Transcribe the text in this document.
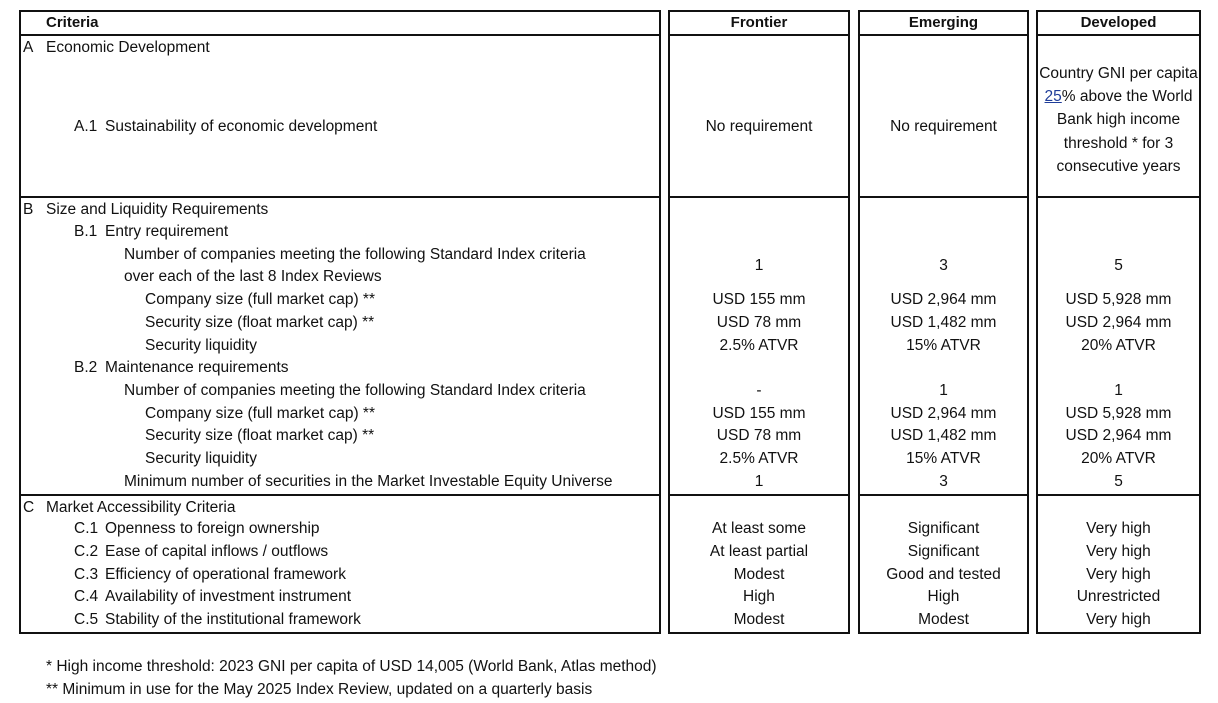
Criteria
A Economic Development
A.1 Sustainability of economic development
B Size and Liquidity Requirements
B.1 Entry requirement
Number of companies meeting the following Standard Index criteria
over each of the last 8 Index Reviews
Company size (full market cap) **
Security size (float market cap) **
Security liquidity
B.2 Maintenance requirements
Number of companies meeting the following Standard Index criteria
Company size (full market cap) **
Security size (float market cap) **
Security liquidity
Minimum number of securities in the Market Investable Equity Universe
C Market Accessibility Criteria
C.1 Openness to foreign ownership
C.2 Ease of capital inflows / outflows
C.3 Efficiency of operational framework
C.4 Availability of investment instrument
C.5 Stability of the institutional framework
Frontier
No requirement
1
USD 155 mm
USD 78 mm
2.5% ATVR
-
USD 155 mm
USD 78 mm
2.5% ATVR
1
At least some
At least partial
Modest
High
Modest
Emerging
No requirement
3
USD 2,964 mm
USD 1,482 mm
15% ATVR
1
USD 2,964 mm
USD 1,482 mm
15% ATVR
3
Significant
Significant
Good and tested
High
Modest
Developed
Country GNI per capita 25% above the World Bank high income threshold * for 3 consecutive years
5
USD 5,928 mm
USD 2,964 mm
20% ATVR
1
USD 5,928 mm
USD 2,964 mm
20% ATVR
5
Very high
Very high
Very high
Unrestricted
Very high
* High income threshold: 2023 GNI per capita of USD 14,005 (World Bank, Atlas method)
** Minimum in use for the May 2025 Index Review, updated on a quarterly basis
